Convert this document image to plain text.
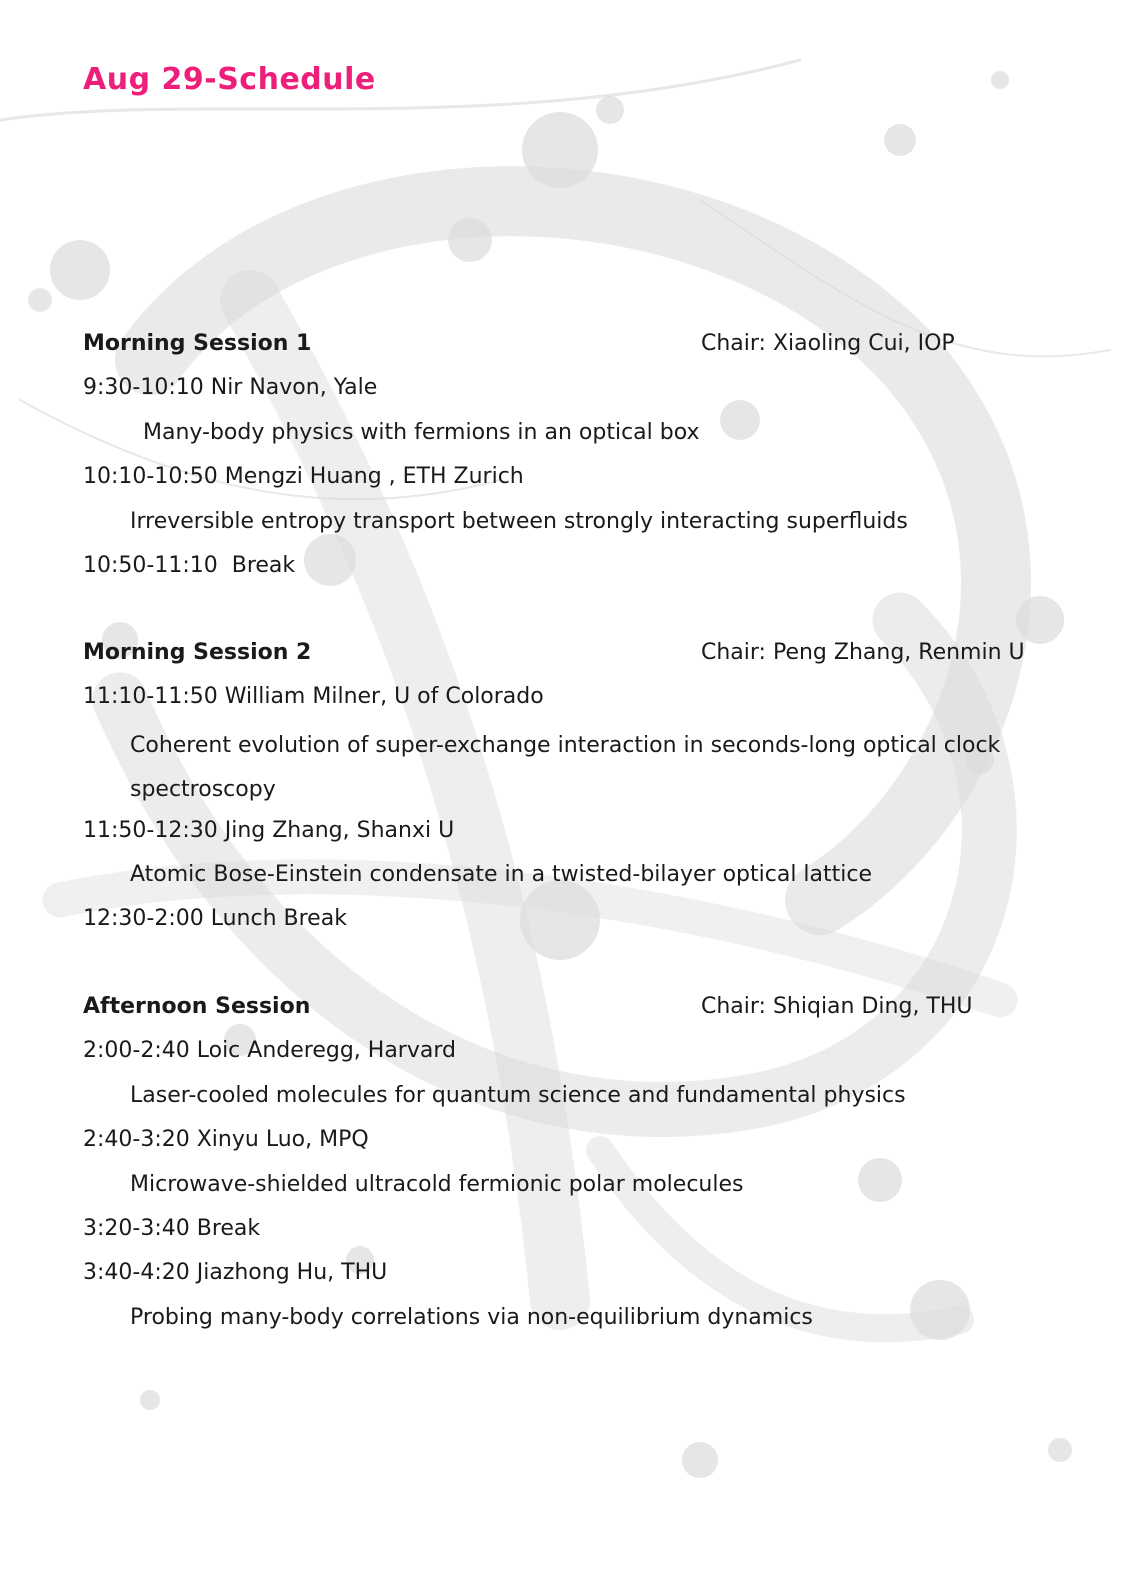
Aug 29-Schedule
Morning Session 1	Chair: Xiaoling Cui, IOP
9:30-10:10 Nir Navon, Yale
Many-body physics with fermions in an optical box
10:10-10:50 Mengzi Huang , ETH Zurich
Irreversible entropy transport between strongly interacting superfluids
10:50-11:10  Break
Morning Session 2	Chair: Peng Zhang, Renmin U
11:10-11:50 William Milner, U of Colorado
Coherent evolution of super-exchange interaction in seconds-long optical clock spectroscopy
11:50-12:30 Jing Zhang, Shanxi U
Atomic Bose-Einstein condensate in a twisted-bilayer optical lattice
12:30-2:00 Lunch Break
Afternoon Session	Chair: Shiqian Ding, THU
2:00-2:40 Loic Anderegg, Harvard
Laser-cooled molecules for quantum science and fundamental physics
2:40-3:20 Xinyu Luo, MPQ
Microwave-shielded ultracold fermionic polar molecules
3:20-3:40 Break
3:40-4:20 Jiazhong Hu, THU
Probing many-body correlations via non-equilibrium dynamics
